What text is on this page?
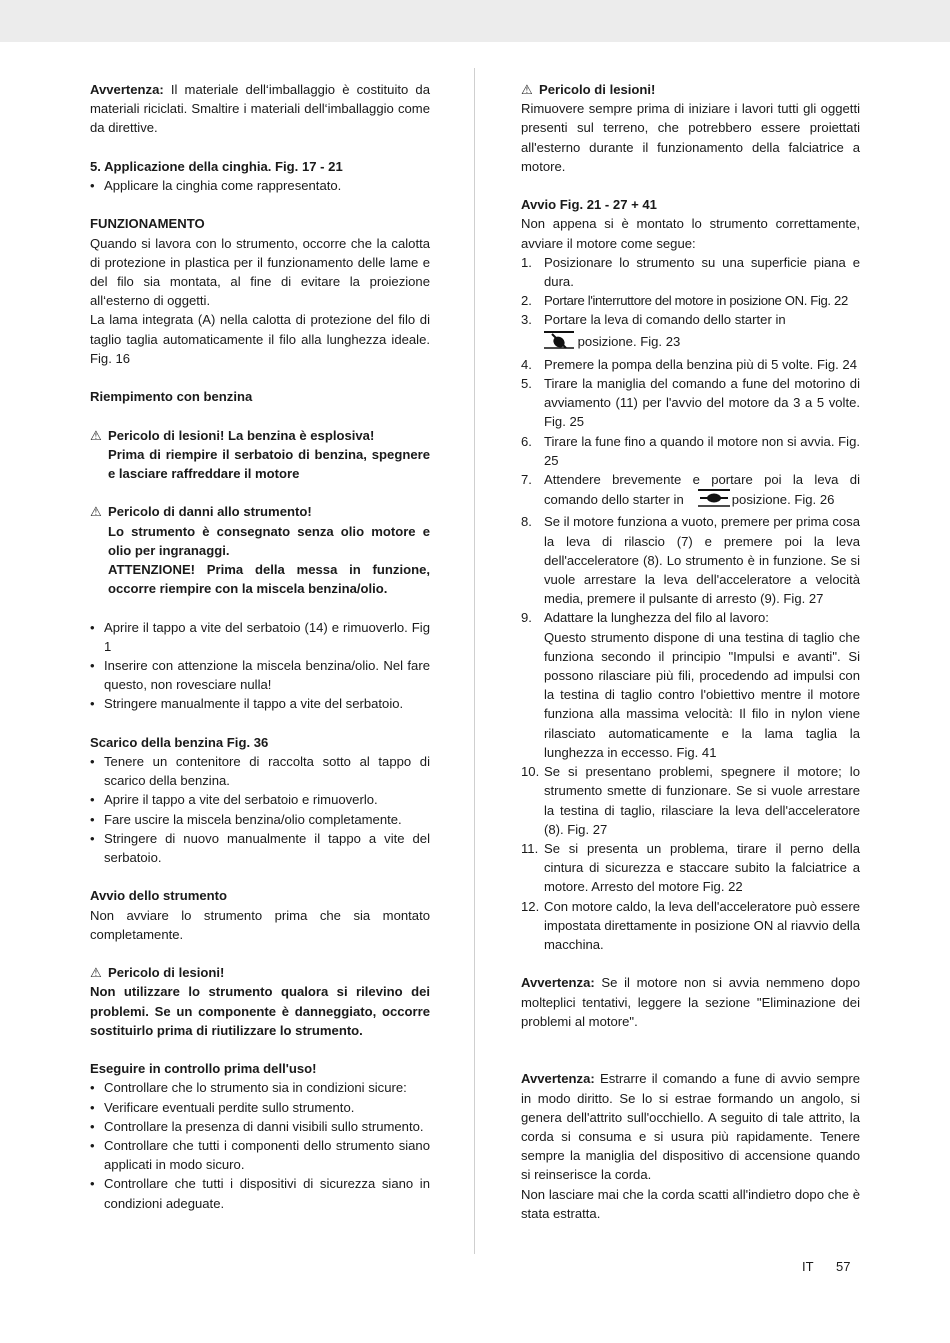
Avvertenza: Il materiale dell‘imballaggio è costituito da materiali riciclati. Smaltire i materiali dell‘imballaggio come da direttive.

5. Applicazione della cinghia. Fig. 17 - 21

• Applicare la cinghia come rappresentato.

FUNZIONAMENTO

Quando si lavora con lo strumento, occorre che la calotta di protezione in plastica per il funzionamento delle lame e del filo sia montata, al fine di evitare la proiezione all‘esterno di oggetti.

La lama integrata (A) nella calotta di protezione del filo di taglio taglia automaticamente il filo alla lunghezza ideale. Fig. 16

Riempimento con benzina

⚠ Pericolo di lesioni! La benzina è esplosiva!

Prima di riempire il serbatoio di benzina, spegnere e lasciare raffreddare il motore

⚠ Pericolo di danni allo strumento!

Lo strumento è consegnato senza olio motore e olio per ingranaggi.

ATTENZIONE! Prima della messa in funzione, occorre riempire con la miscela benzina/olio.

• Aprire il tappo a vite del serbatoio (14) e rimuoverlo. Fig 1
• Inserire con attenzione la miscela benzina/olio. Nel fare questo, non rovesciare nulla!
• Stringere manualmente il tappo a vite del serbatoio.

Scarico della benzina Fig. 36

• Tenere un contenitore di raccolta sotto al tappo di scarico della benzina.
• Aprire il tappo a vite del serbatoio e rimuoverlo.
• Fare uscire la miscela benzina/olio completamente.
• Stringere di nuovo manualmente il tappo a vite del serbatoio.

Avvio dello strumento

Non avviare lo strumento prima che sia montato completamente.

⚠ Pericolo di lesioni!

Non utilizzare lo strumento qualora si rilevino dei problemi. Se un componente è danneggiato, occorre sostituirlo prima di riutilizzare lo strumento.

Eseguire in controllo prima dell'uso!

• Controllare che lo strumento sia in condizioni sicure:
• Verificare eventuali perdite sullo strumento.
• Controllare la presenza di danni visibili sullo strumento.
• Controllare che tutti i componenti dello strumento siano applicati in modo sicuro.
• Controllare che tutti i dispositivi di sicurezza siano in condizioni adeguate.
⚠ Pericolo di lesioni!

Rimuovere sempre prima di iniziare i lavori tutti gli oggetti presenti sul terreno, che potrebbero essere proiettati all'esterno durante il funzionamento della falciatrice a motore.

Avvio Fig. 21 - 27 + 41

Non appena si è montato lo strumento correttamente, avviare il motore come segue:

1. Posizionare lo strumento su una superficie piana e dura.
2. Portare l'interruttore del motore in posizione ON. Fig. 22
3. Portare la leva di comando dello starter in
posizione. Fig. 23
4. Premere la pompa della benzina più di 5 volte. Fig. 24
5. Tirare la maniglia del comando a fune del motorino di avviamento (11) per l'avvio del motore da 3 a 5 volte. Fig. 25
6. Tirare la fune fino a quando il motore non si avvia. Fig. 25
7. Attendere brevemente e portare poi la leva di comando dello starter in	posizione. Fig. 26
8. Se il motore funziona a vuoto, premere per prima cosa la leva di rilascio (7) e premere poi la leva dell'acceleratore (8). Lo strumento è in funzione. Se si vuole arrestare la leva dell'acceleratore a velocità media, premere il pulsante di arresto (9). Fig. 27
9. Adattare la lunghezza del filo al lavoro:
Questo strumento dispone di una testina di taglio che funziona secondo il principio "Impulsi e avanti". Si possono rilasciare più fili, procedendo ad impulsi con la testina di taglio contro l'obiettivo mentre il motore funziona alla massima velocità: Il filo in nylon viene rilasciato automaticamente e la lama taglia la lunghezza in eccesso. Fig. 41
10. Se si presentano problemi, spegnere il motore; lo strumento smette di funzionare. Se si vuole arrestare la testina di taglio, rilasciare la leva dell'acceleratore (8). Fig. 27
11. Se si presenta un problema, tirare il perno della cintura di sicurezza e staccare subito la falciatrice a motore. Arresto del motore Fig. 22
12. Con motore caldo, la leva dell'acceleratore può essere impostata direttamente in posizione ON al riavvio della macchina.

Avvertenza: Se il motore non si avvia nemmeno dopo molteplici tentativi, leggere la sezione "Eliminazione dei problemi al motore".

Avvertenza: Estrarre il comando a fune di avvio sempre in modo diritto. Se lo si estrae formando un angolo, si genera dell'attrito sull'occhiello. A seguito di tale attrito, la corda si consuma e si usura più rapidamente. Tenere sempre la maniglia del dispositivo di accensione quando si reinserisce la corda.

Non lasciare mai che la corda scatti all'indietro dopo che è stata estratta.

IT 57
